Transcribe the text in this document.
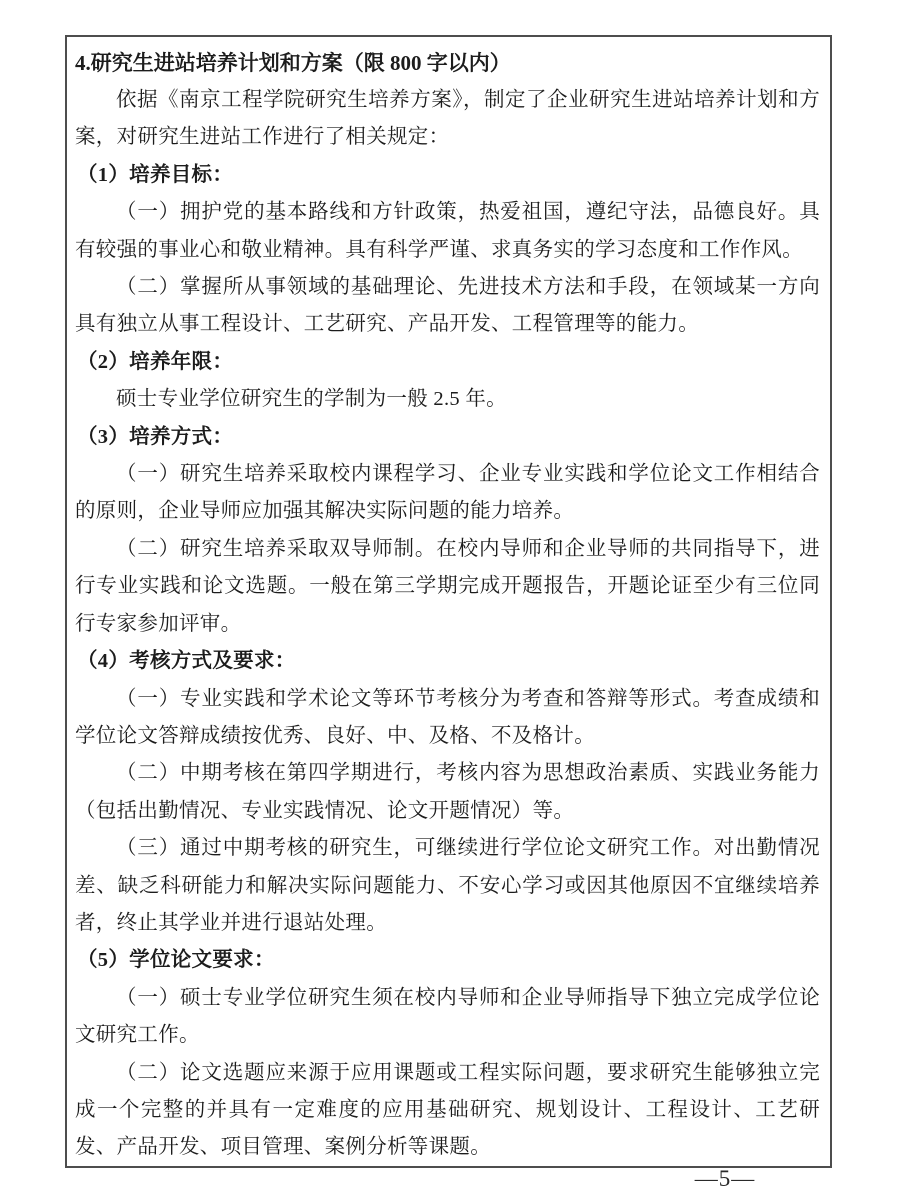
4.研究生进站培养计划和方案（限 800 字以内）
依据《南京工程学院研究生培养方案》，制定了企业研究生进站培养计划和方案，对研究生进站工作进行了相关规定：
（1）培养目标：
（一）拥护党的基本路线和方针政策，热爱祖国，遵纪守法，品德良好。具有较强的事业心和敬业精神。具有科学严谨、求真务实的学习态度和工作作风。
（二）掌握所从事领域的基础理论、先进技术方法和手段，在领域某一方向具有独立从事工程设计、工艺研究、产品开发、工程管理等的能力。
（2）培养年限：
硕士专业学位研究生的学制为一般 2.5 年。
（3）培养方式：
（一）研究生培养采取校内课程学习、企业专业实践和学位论文工作相结合的原则，企业导师应加强其解决实际问题的能力培养。
（二）研究生培养采取双导师制。在校内导师和企业导师的共同指导下，进行专业实践和论文选题。一般在第三学期完成开题报告，开题论证至少有三位同行专家参加评审。
（4）考核方式及要求：
（一）专业实践和学术论文等环节考核分为考查和答辩等形式。考查成绩和学位论文答辩成绩按优秀、良好、中、及格、不及格计。
（二）中期考核在第四学期进行，考核内容为思想政治素质、实践业务能力（包括出勤情况、专业实践情况、论文开题情况）等。
（三）通过中期考核的研究生，可继续进行学位论文研究工作。对出勤情况差、缺乏科研能力和解决实际问题能力、不安心学习或因其他原因不宜继续培养者，终止其学业并进行退站处理。
（5）学位论文要求：
（一）硕士专业学位研究生须在校内导师和企业导师指导下独立完成学位论文研究工作。
（二）论文选题应来源于应用课题或工程实际问题，要求研究生能够独立完成一个完整的并具有一定难度的应用基础研究、规划设计、工程设计、工艺研发、产品开发、项目管理、案例分析等课题。
—5—
